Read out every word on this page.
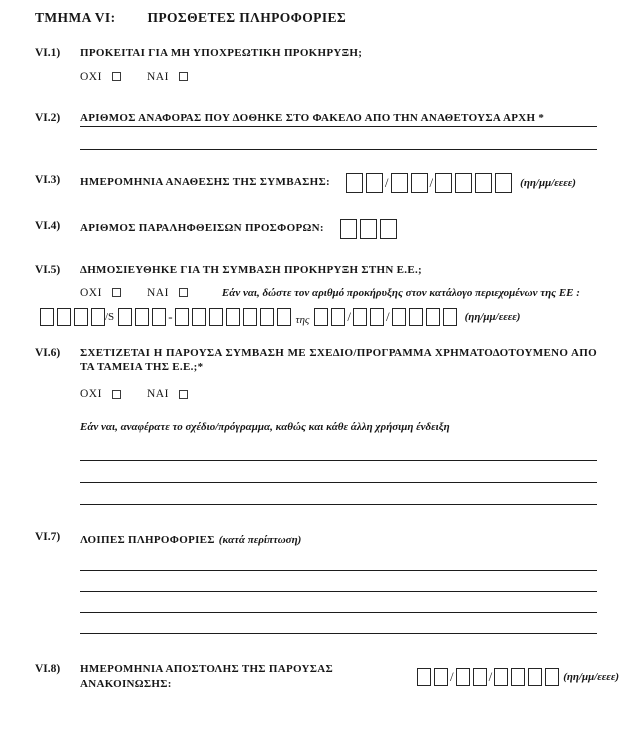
ΤΜΗΜΑ VI: ΠΡΟΣΘΕΤΕΣ ΠΛΗΡΟΦΟΡΙΕΣ
VI.1)	ΠΡΟΚΕΙΤΑΙ ΓΙΑ ΜΗ ΥΠΟΧΡΕΩΤΙΚΗ ΠΡΟΚΗΡΥΞΗ;
ΟΧΙ	ΝΑΙ
VI.2)	ΑΡΙΘΜΟΣ ΑΝΑΦΟΡΑΣ ΠΟΥ ΔΟΘΗΚΕ ΣΤΟ ΦΑΚΕΛΟ ΑΠΟ ΤΗΝ ΑΝΑΘΕΤΟΥΣΑ ΑΡΧΗ *
VI.3)	ΗΜΕΡΟΜΗΝΙΑ ΑΝΑΘΕΣΗΣ ΤΗΣ ΣΥΜΒΑΣΗΣ:	/	/	(ηη/μμ/εεεε)
VI.4)	ΑΡΙΘΜΟΣ ΠΑΡΑΛΗΦΘΕΙΣΩΝ ΠΡΟΣΦΟΡΩΝ:
VI.5)	ΔΗΜΟΣΙΕΥΘΗΚΕ ΓΙΑ ΤΗ ΣΥΜΒΑΣΗ ΠΡΟΚΗΡΥΞΗ ΣΤΗΝ Ε.Ε.;
ΟΧΙ	ΝΑΙ	Εάν ναι, δώστε τον αριθμό προκήρυξης στον κατάλογο περιεχομένων της ΕΕ :
/S	-	της	/	/	(ηη/μμ/εεεε)
VI.6)	ΣΧΕΤΙΖΕΤΑΙ Η ΠΑΡΟΥΣΑ ΣΥΜΒΑΣΗ ΜΕ ΣΧΕΔΙΟ/ΠΡΟΓΡΑΜΜΑ ΧΡΗΜΑΤΟΔΟΤΟΥΜΕΝΟ ΑΠΟ ΤΑ ΤΑΜΕΙΑ ΤΗΣ Ε.Ε.;*
ΟΧΙ	ΝΑΙ
Εάν ναι, αναφέρατε το σχέδιο/πρόγραμμα, καθώς και κάθε άλλη χρήσιμη ένδειξη
VI.7)	ΛΟΙΠΕΣ ΠΛΗΡΟΦΟΡΙΕΣ (κατά περίπτωση)
VI.8)	ΗΜΕΡΟΜΗΝΙΑ ΑΠΟΣΤΟΛΗΣ ΤΗΣ ΠΑΡΟΥΣΑΣ ΑΝΑΚΟΙΝΩΣΗΣ:	/	/	(ηη/μμ/εεεε)
